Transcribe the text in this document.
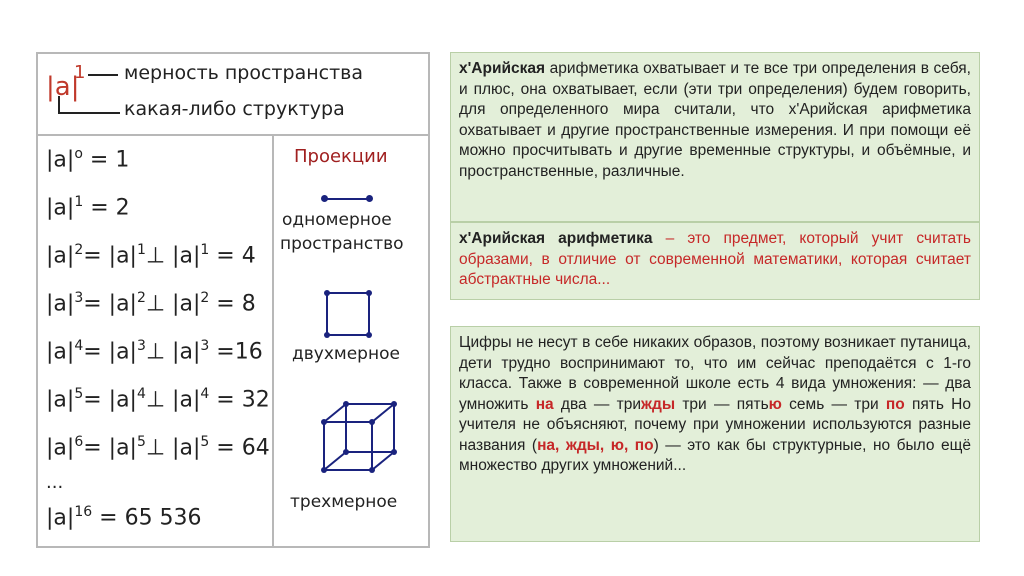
|a|
1 мерность пространства
какая-либо структура
$|a|^o = 1$
$|a|^1 = 2$
$|a|^2=$ $|a|^1\perp$ $|a|^1 = 4$
$|a|^3=$ $|a|^2\perp$ $|a|^2 = 8$
$|a|^4=$ $|a|^3\perp$ $|a|^3 =16$
$|a|^5=$ $|a|^4\perp$ $|a|^4 = 32$
$|a|^6=$ $|a|^5\perp$ $|a|^5 = 64$
...
$|a|^{16} = 65$ 536
Проекции
одномерное
пространство
двухмерное
трехмерное
х'Арийская арифметика охватывает и те все три определения в себя, и плюс, она охватывает, если (эти три определения) будем говорить, для определенного мира считали, что х'Арийская арифметика охватывает и другие пространственные измерения. И при помощи её можно просчитывать и другие временные структуры, и объёмные, и пространственные, различные.
х'Арийская арифметика – это предмет, который учит считать образами, в отличие от современной математики, которая считает абстрактные числа...
Цифры не несут в себе никаких образов, поэтому возникает путаница, дети трудно воспринимают то, что им сейчас преподаётся с 1-го класса. Также в современной школе есть 4 вида умножения: — два умножить на два — трижды три — пятью семь — три по пять Но учителя не объясняют, почему при умножении используются разные названия (на, жды, ю, по) — это как бы структурные, но было ещё множество других умножений...
